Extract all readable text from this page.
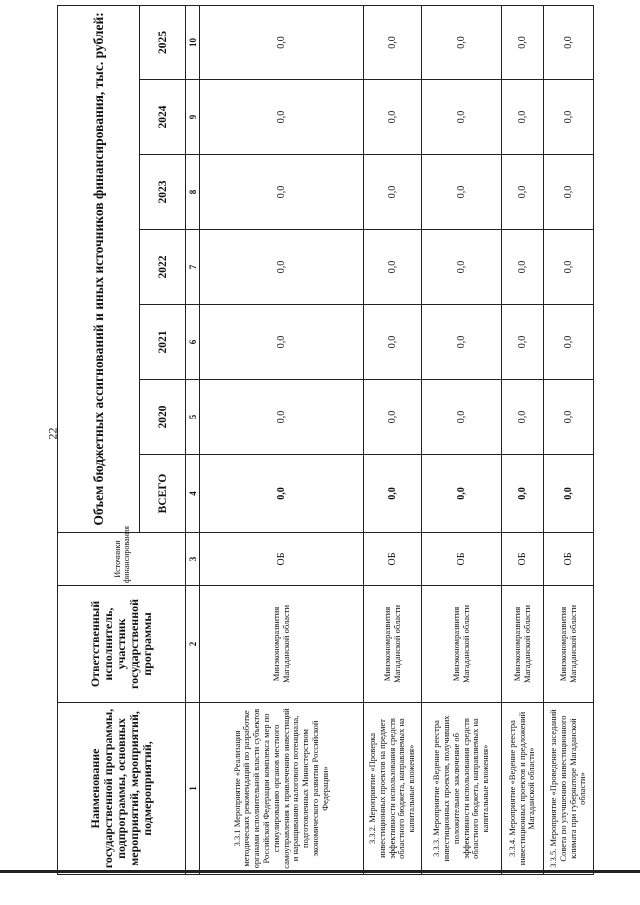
22
Наименование государственной программы, подпрограммы, основных мероприятий, мероприятий, подмероприятий,	Ответственный исполнитель, участник государственной программы	Источники финансирования	Объем бюджетных ассигнований и иных источников финансирования, тыс. рублей:						
			ВСЕГО	2020	2021	2022	2023	2024	2025
1	2	3	4	5	6	7	8	9	10
3.3.1 Мероприятие «Реализация методических рекомендаций по разработке органами исполнительной власти субъектов Российской Федерации комплекса мер по стимулированию органов местного самоуправления к привлечению инвестиций и наращиванию налогового потенциала, подготовленных Министерством экономического развития Российской Федерации»	Минэкономразвития Магаданской области	ОБ	0,0	0,0	0,0	0,0	0,0	0,0	0,0
3.3.2. Мероприятие «Проверка инвестиционных проектов на предмет эффективности использования средств областного бюджета, направляемых на капитальные вложения»	Минэкономразвития Магаданской области	ОБ	0,0	0,0	0,0	0,0	0,0	0,0	0,0
3.3.3. Мероприятие «Ведение реестра инвестиционных проектов, получивших положительное заключение об эффективности использования средств областного бюджета, направляемых на капитальные вложения»	Минэкономразвития Магаданской области	ОБ	0,0	0,0	0,0	0,0	0,0	0,0	0,0
3.3.4. Мероприятие «Ведение реестра инвестиционных проектов и предложений Магаданской области»	Минэкономразвития Магаданской области	ОБ	0,0	0,0	0,0	0,0	0,0	0,0	0,0
3.3.5. Мероприятие «Проведение заседаний Совета по улучшению инвестиционного климата при губернаторе Магаданской области»	Минэкономразвития Магаданской области	ОБ	0,0	0,0	0,0	0,0	0,0	0,0	0,0
